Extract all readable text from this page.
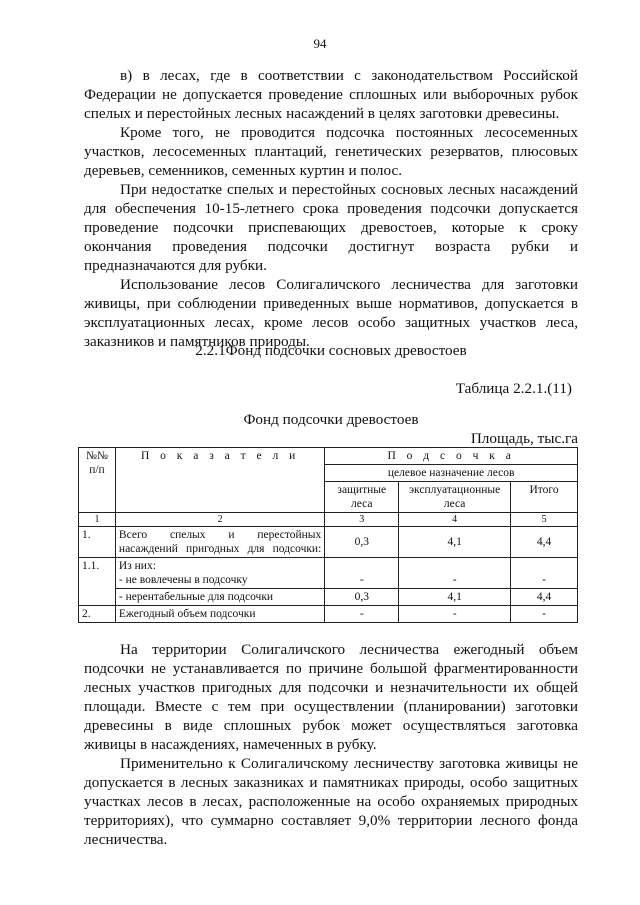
94

в) в лесах, где в соответствии с законодательством Российской Федерации не допускается проведение сплошных или выборочных рубок спелых и перестойных лесных насаждений в целях заготовки древесины.

Кроме того, не проводится подсочка постоянных лесосеменных участков, лесосеменных плантаций, генетических резерватов, плюсовых деревьев, семенников, семенных куртин и полос.

При недостатке спелых и перестойных сосновых лесных насаждений для обеспечения 10-15-летнего срока проведения подсочки допускается проведение подсочки приспевающих древостоев, которые к сроку окончания проведения подсочки достигнут возраста рубки и предназначаются для рубки.

Использование лесов Солигаличского лесничества для заготовки живицы, при соблюдении приведенных выше нормативов, допускается в эксплуатационных лесах, кроме лесов особо защитных участков леса, заказников и памятников природы.

2.2.1Фонд подсочки сосновых древостоев
Таблица 2.2.1.(11)
Фонд подсочки древостоев
Площадь, тыс.га
№№ п/п	П о к а з а т е л и	П о д с о ч к а		
		целевое назначение лесов		
		защитные леса	эксплуатационные леса	Итого
1	2	3	4	5
1.	Всего спелых и перестойных насаждений пригодных для подсочки:	0,3	4,1	4,4
1.1.	Из них:
- не вовлечены в подсочку	-	-	-
	- нерентабельные для подсочки	0,3	4,1	4,4
2.	Ежегодный объем подсочки	-	-	-

На территории Солигаличского лесничества ежегодный объем подсочки не устанавливается по причине большой фрагментированности лесных участков пригодных для подсочки и незначительности их общей площади. Вместе с тем при осуществлении (планировании) заготовки древесины в виде сплошных рубок может осуществляться заготовка живицы в насаждениях, намеченных в рубку.

Применительно к Солигаличскому лесничеству заготовка живицы не допускается в лесных заказниках и памятниках природы, особо защитных участках лесов в лесах, расположенные на особо охраняемых природных территориях), что суммарно составляет 9,0% территории лесного фонда лесничества.
